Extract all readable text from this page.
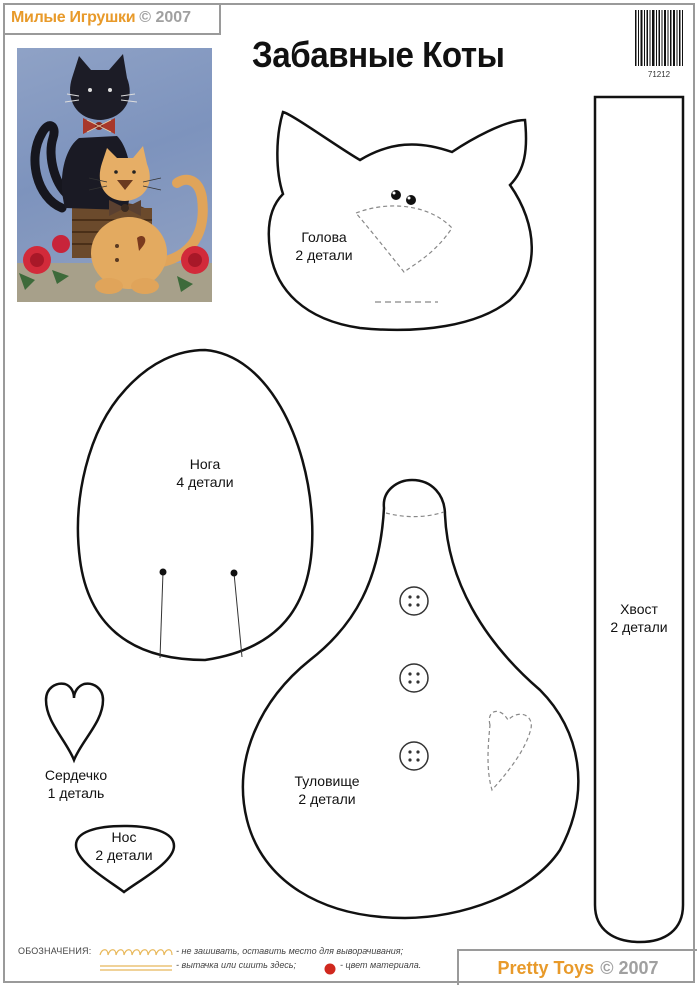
Милые Игрушки © 2007
Забавные Коты	71212
Голова
2 детали
Нога
4 детали
Туловище
2 детали
Хвост
2 детали
Сердечко
1 деталь
Нос
2 детали
ОБОЗНАЧЕНИЯ:	- не зашивать, оставить место для выворачивания;
- вытачка или сшить здесь;	- цвет материала.	Pretty Toys © 2007
